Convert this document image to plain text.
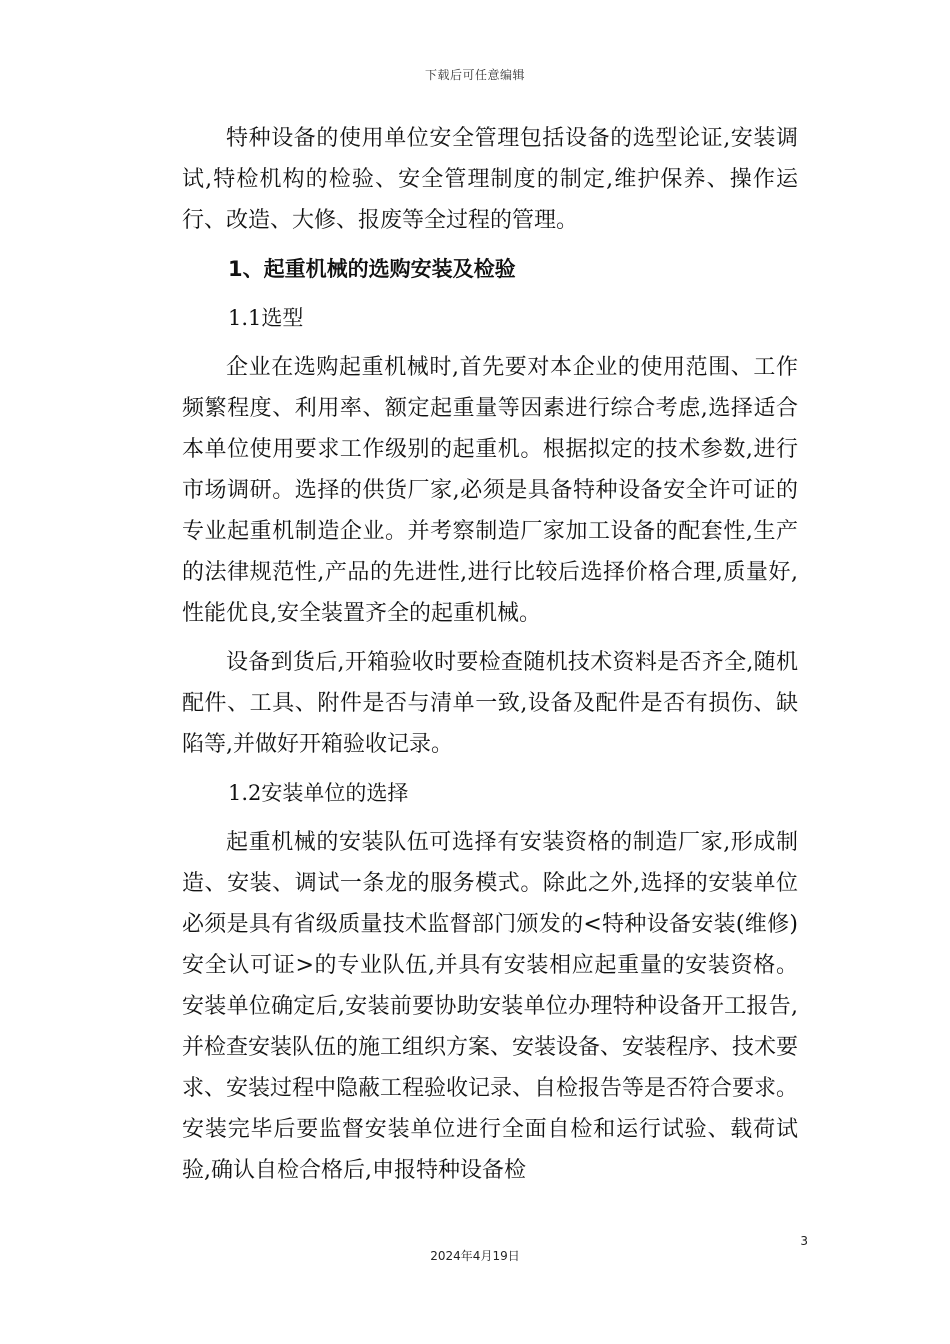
下载后可任意编辑

特种设备的使用单位安全管理包括设备的选型论证,安装调试,特检机构的检验、安全管理制度的制定,维护保养、操作运行、改造、大修、报废等全过程的管理。

1、起重机械的选购安装及检验

1.1选型

企业在选购起重机械时,首先要对本企业的使用范围、工作频繁程度、利用率、额定起重量等因素进行综合考虑,选择适合本单位使用要求工作级别的起重机。根据拟定的技术参数,进行市场调研。选择的供货厂家,必须是具备特种设备安全许可证的专业起重机制造企业。并考察制造厂家加工设备的配套性,生产的法律规范性,产品的先进性,进行比较后选择价格合理,质量好,性能优良,安全装置齐全的起重机械。

设备到货后,开箱验收时要检查随机技术资料是否齐全,随机配件、工具、附件是否与清单一致,设备及配件是否有损伤、缺陷等,并做好开箱验收记录。

1.2安装单位的选择

起重机械的安装队伍可选择有安装资格的制造厂家,形成制造、安装、调试一条龙的服务模式。除此之外,选择的安装单位必须是具有省级质量技术监督部门颁发的<特种设备安装(维修)安全认可证>的专业队伍,并具有安装相应起重量的安装资格。安装单位确定后,安装前要协助安装单位办理特种设备开工报告,并检查安装队伍的施工组织方案、安装设备、安装程序、技术要求、安装过程中隐蔽工程验收记录、自检报告等是否符合要求。安装完毕后要监督安装单位进行全面自检和运行试验、载荷试验,确认自检合格后,申报特种设备检

3
2024年4月19日
